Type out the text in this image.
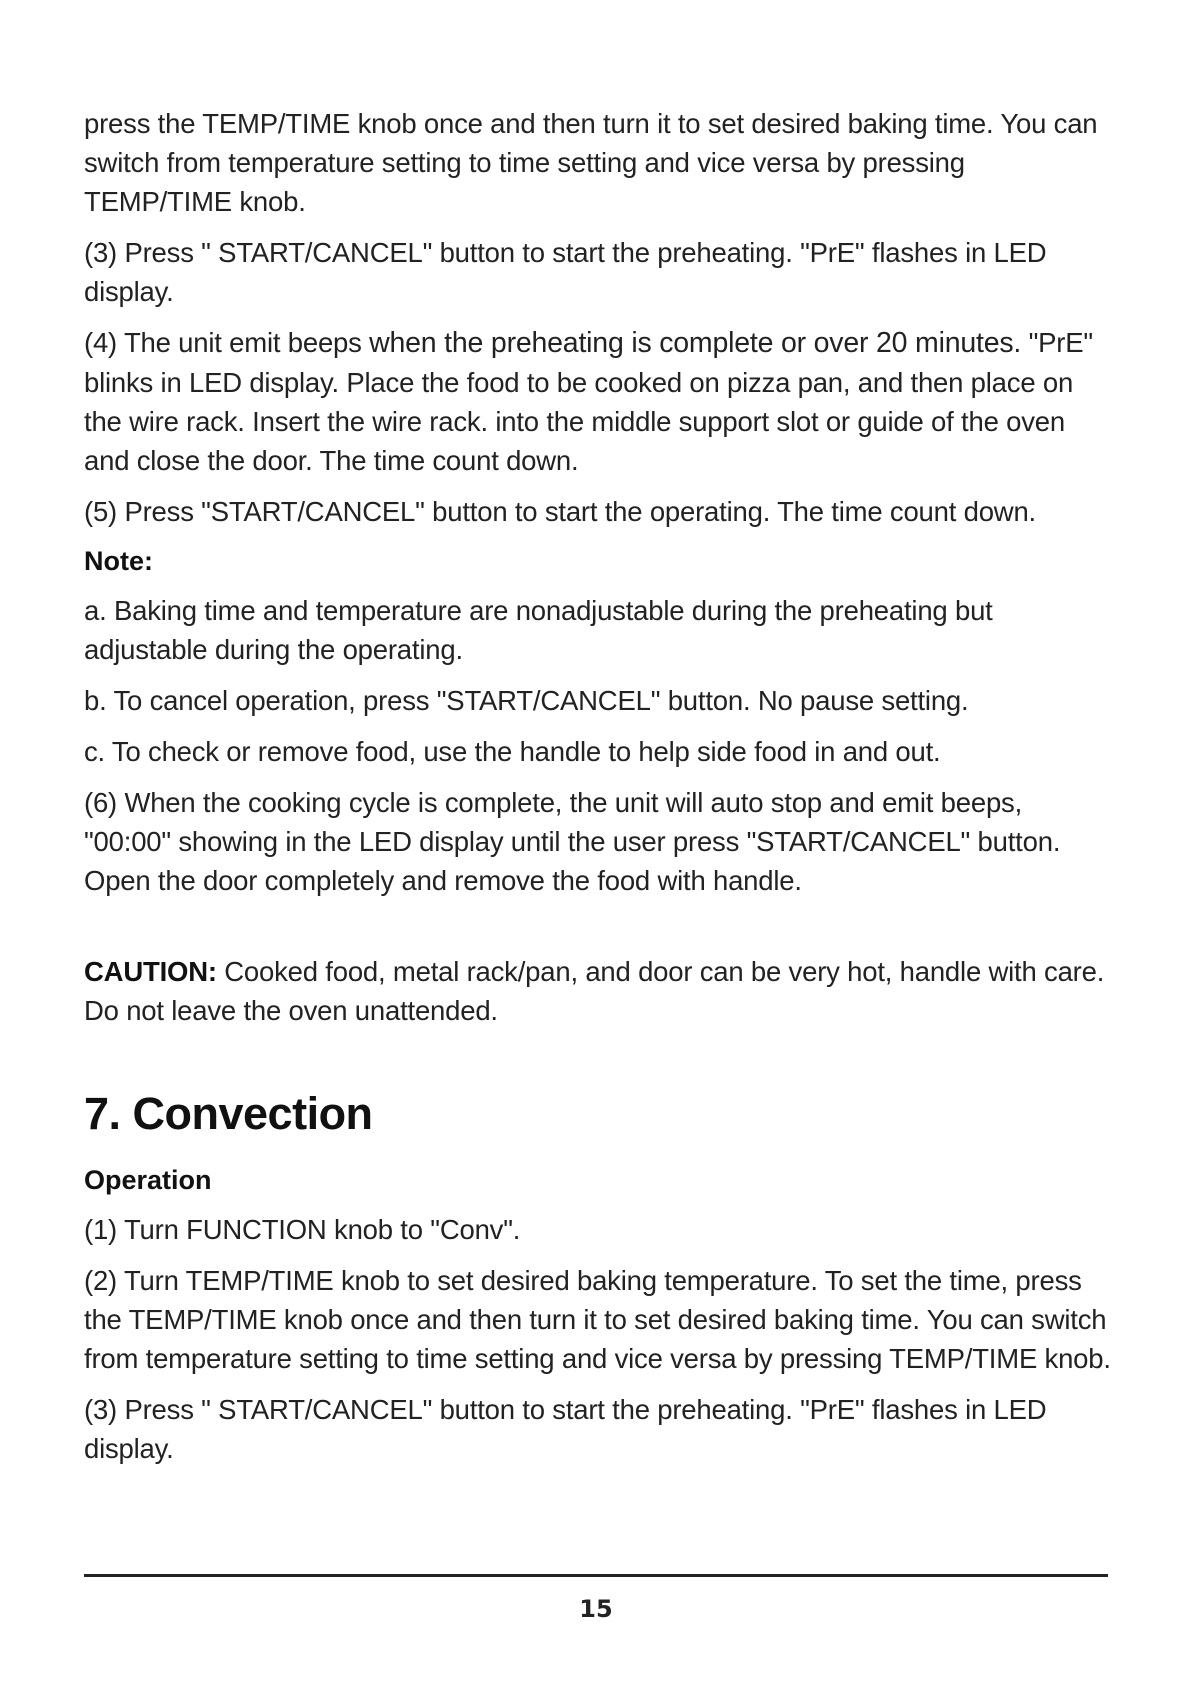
press the TEMP/TIME knob once and then turn it to set desired baking time. You can switch from temperature setting to time setting and vice versa by pressing TEMP/TIME knob.

(3) Press " START/CANCEL" button to start the preheating. "PrE" flashes in LED display.

(4) The unit emit beeps when the preheating is complete or over 20 minutes. "PrE" blinks in LED display. Place the food to be cooked on pizza pan, and then place on the wire rack. Insert the wire rack. into the middle support slot or guide of the oven and close the door. The time count down.

(5) Press "START/CANCEL" button to start the operating. The time count down.

Note:

a. Baking time and temperature are nonadjustable during the preheating but adjustable during the operating.

b. To cancel operation, press "START/CANCEL" button. No pause setting.

c. To check or remove food, use the handle to help side food in and out.

(6) When the cooking cycle is complete, the unit will auto stop and emit beeps, "00:00" showing in the LED display until the user press "START/CANCEL" button. Open the door completely and remove the food with handle.

CAUTION: Cooked food, metal rack/pan, and door can be very hot, handle with care. Do not leave the oven unattended.

7. Convection
Operation

(1) Turn FUNCTION knob to "Conv".

(2) Turn TEMP/TIME knob to set desired baking temperature. To set the time, press the TEMP/TIME knob once and then turn it to set desired baking time. You can switch from temperature setting to time setting and vice versa by pressing TEMP/TIME knob.

(3) Press " START/CANCEL" button to start the preheating. "PrE" flashes in LED display.

15
